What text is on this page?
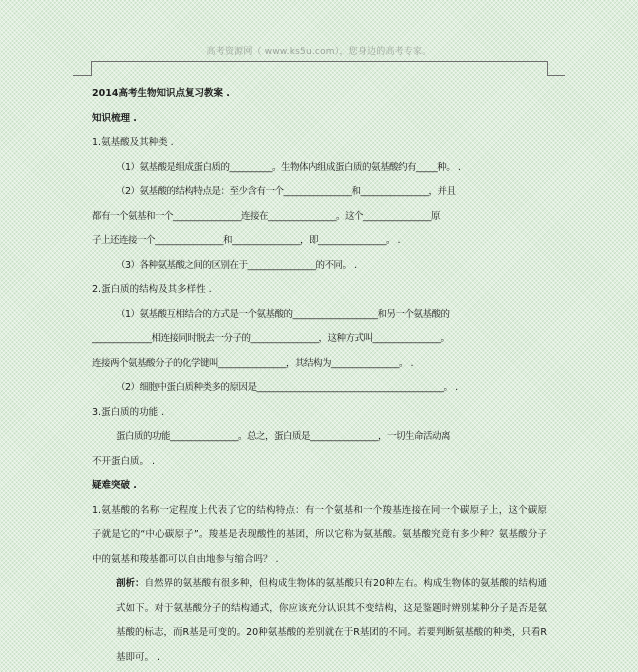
高考资源网（ www.ks5u.com），您身边的高考专家。

2014高考生物知识点复习教案 .

知识梳理 .

1.氨基酸及其种类 .

（1）氨基酸是组成蛋白质的__________。生物体内组成蛋白质的氨基酸约有_____种。 .

（2）氨基酸的结构特点是：至少含有一个________________和________________，并且

都有一个氨基和一个________________连接在________________。这个________________原

子上还连接一个________________和________________，即________________。 .

（3）各种氨基酸之间的区别在于________________的不同。 .

2.蛋白质的结构及其多样性 .

（1）氨基酸互相结合的方式是一个氨基酸的____________________和另一个氨基酸的

______________相连接同时脱去一分子的________________，这种方式叫________________。

连接两个氨基酸分子的化学键叫________________，其结构为________________。 .

（2）细胞中蛋白质种类多的原因是____________________________________________。 .

3.蛋白质的功能 .

蛋白质的功能________________。总之，蛋白质是________________，一切生命活动离

不开蛋白质。 .

疑难突破 .

1.氨基酸的名称一定程度上代表了它的结构特点：有一个氨基和一个羧基连接在同一个碳原子上，这个碳原子就是它的“中心碳原子”。羧基是表现酸性的基团，所以它称为氨基酸。氨基酸究竟有多少种？氨基酸分子中的氨基和羧基都可以自由地参与缩合吗？ .

剖析：自然界的氨基酸有很多种，但构成生物体的氨基酸只有20种左右。构成生物体的氨基酸的结构通式如下。对于氨基酸分子的结构通式，你应该充分认识其不变结构，这是鉴题时辨别某种分子是否是氨基酸的标志，而R基是可变的。20种氨基酸的差别就在于R基团的不同。若要判断氨基酸的种类，只看R基即可。 .
